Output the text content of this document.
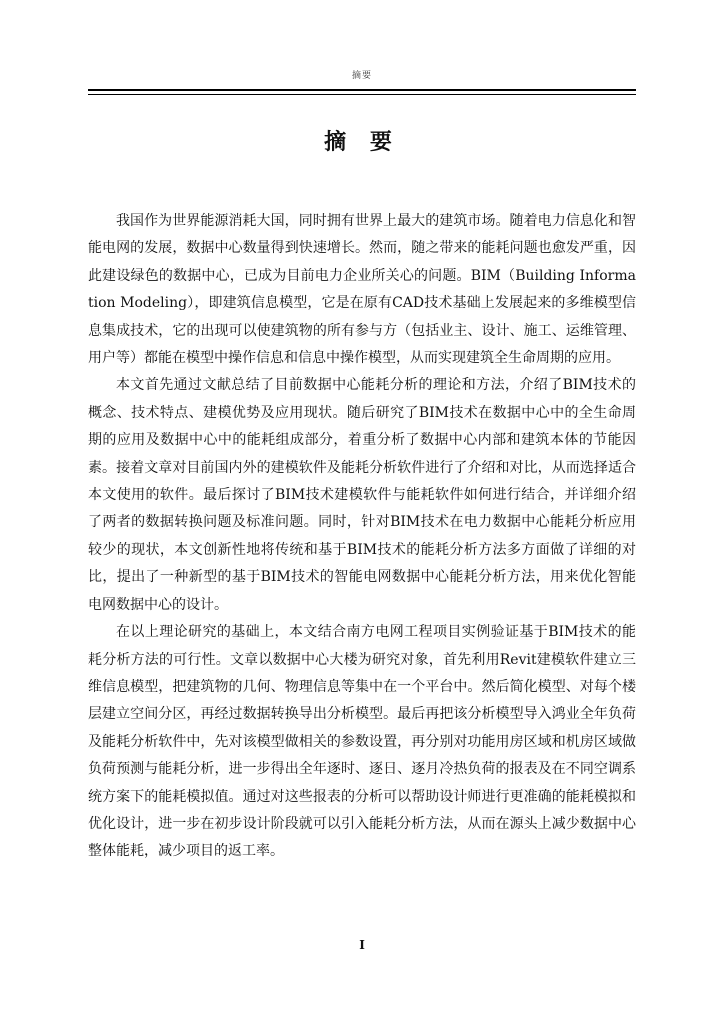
摘要
摘 要

我国作为世界能源消耗大国，同时拥有世界上最大的建筑市场。随着电力信息化和智能电网的发展，数据中心数量得到快速增长。然而，随之带来的能耗问题也愈发严重，因此建设绿色的数据中心，已成为目前电力企业所关心的问题。BIM（Building Information Modeling），即建筑信息模型，它是在原有CAD技术基础上发展起来的多维模型信息集成技术，它的出现可以使建筑物的所有参与方（包括业主、设计、施工、运维管理、用户等）都能在模型中操作信息和信息中操作模型，从而实现建筑全生命周期的应用。

本文首先通过文献总结了目前数据中心能耗分析的理论和方法，介绍了BIM技术的概念、技术特点、建模优势及应用现状。随后研究了BIM技术在数据中心中的全生命周期的应用及数据中心中的能耗组成部分，着重分析了数据中心内部和建筑本体的节能因素。接着文章对目前国内外的建模软件及能耗分析软件进行了介绍和对比，从而选择适合本文使用的软件。最后探讨了BIM技术建模软件与能耗软件如何进行结合，并详细介绍了两者的数据转换问题及标准问题。同时，针对BIM技术在电力数据中心能耗分析应用较少的现状，本文创新性地将传统和基于BIM技术的能耗分析方法多方面做了详细的对比，提出了一种新型的基于BIM技术的智能电网数据中心能耗分析方法，用来优化智能电网数据中心的设计。

在以上理论研究的基础上，本文结合南方电网工程项目实例验证基于BIM技术的能耗分析方法的可行性。文章以数据中心大楼为研究对象，首先利用Revit建模软件建立三维信息模型，把建筑物的几何、物理信息等集中在一个平台中。然后简化模型、对每个楼层建立空间分区，再经过数据转换导出分析模型。最后再把该分析模型导入鸿业全年负荷及能耗分析软件中，先对该模型做相关的参数设置，再分别对功能用房区域和机房区域做负荷预测与能耗分析，进一步得出全年逐时、逐日、逐月冷热负荷的报表及在不同空调系统方案下的能耗模拟值。通过对这些报表的分析可以帮助设计师进行更准确的能耗模拟和优化设计，进一步在初步设计阶段就可以引入能耗分析方法，从而在源头上减少数据中心整体能耗，减少项目的返工率。

I
